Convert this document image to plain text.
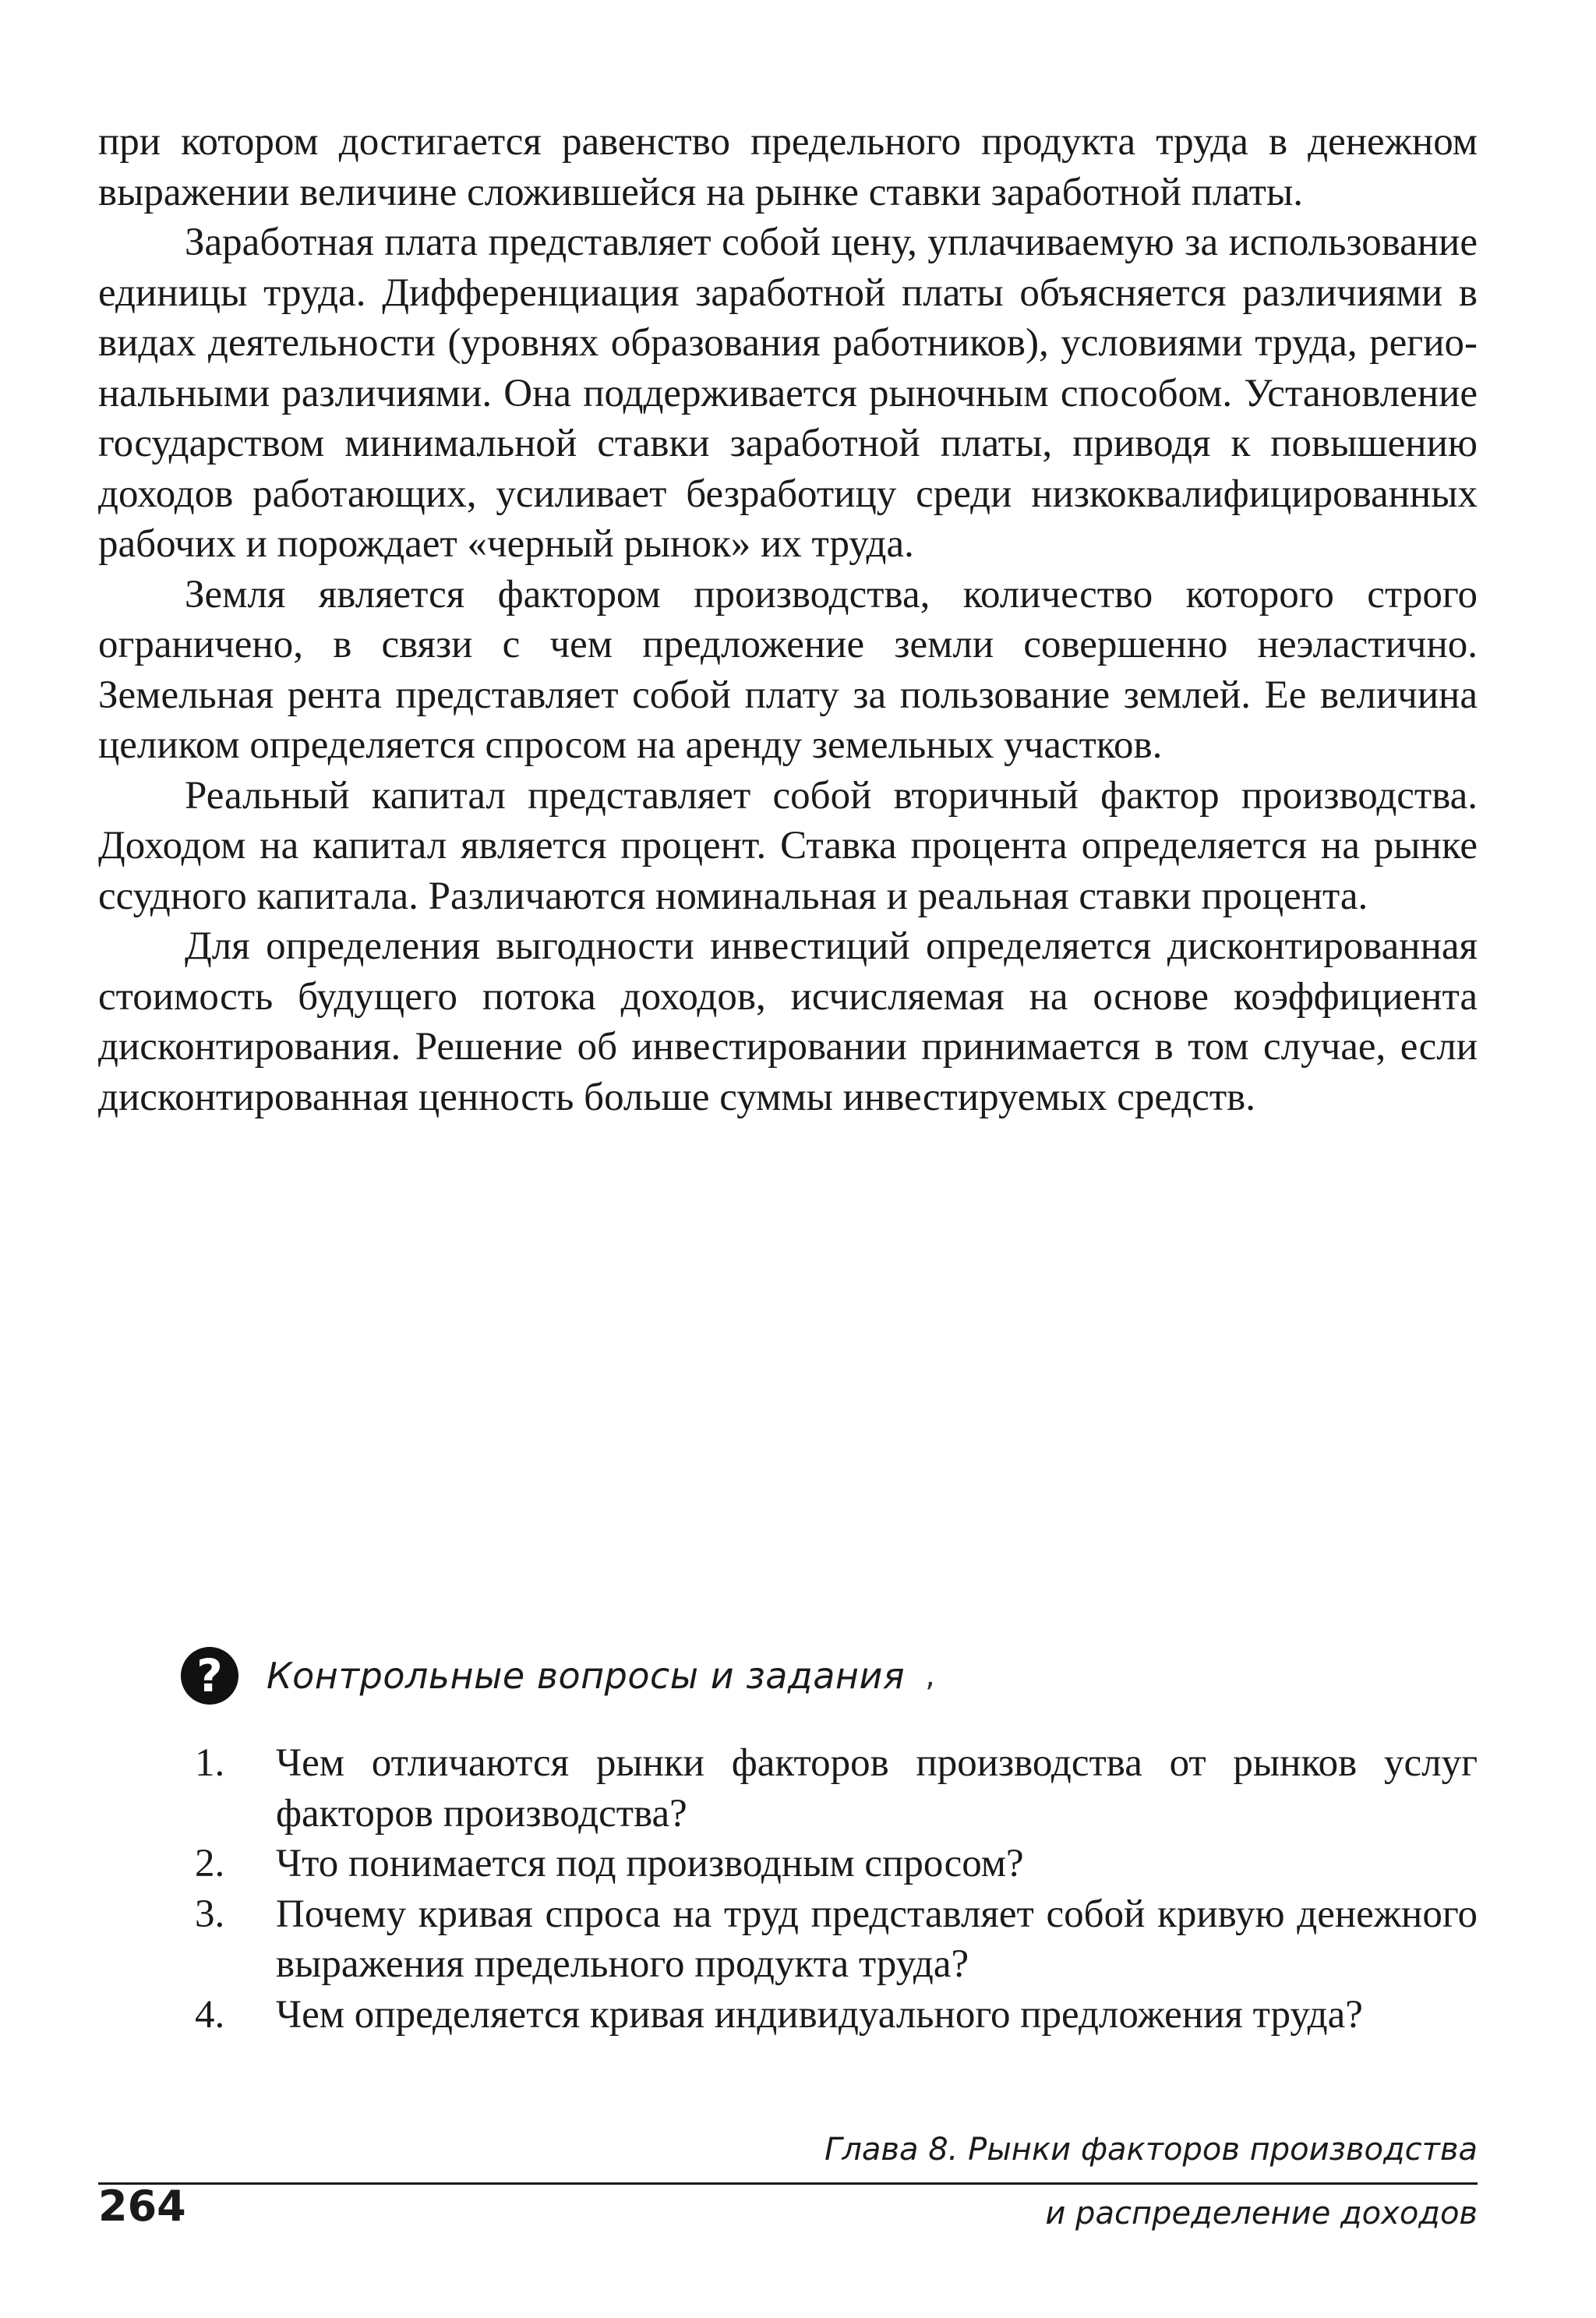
при котором достигается равенство предельного продукта труда в денежном выражении величине сложившейся на рынке ставки заработной платы.

Заработная плата представляет собой цену, уплачиваемую за использование единицы труда. Дифференциация заработной платы объясняется различиями в видах деятельности (уровнях образования работников), условиями труда, региональными различиями. Она поддерживается рыночным способом. Установление государством минимальной ставки заработной платы, приводя к повышению доходов работающих, усиливает безработицу среди низкоквалифицированных рабочих и порождает «черный рынок» их труда.

Земля является фактором производства, количество которого строго ограничено, в связи с чем предложение земли совершенно неэластично. Земельная рента представляет собой плату за пользование землей. Ее величина целиком определяется спросом на аренду земельных участков.

Реальный капитал представляет собой вторичный фактор производства. Доходом на капитал является процент. Ставка процента определяется на рынке ссудного капитала. Различаются номинальная и реальная ставки процента.

Для определения выгодности инвестиций определяется дисконтированная стоимость будущего потока доходов, исчисляемая на основе коэффициента дисконтирования. Решение об инвестировании принимается в том случае, если дисконтированная ценность больше суммы инвестируемых средств.

?	Контрольные вопросы и задания ,
1. Чем отличаются рынки факторов производства от рынков услуг факторов производства?
2. Что понимается под производным спросом?
3. Почему кривая спроса на труд представляет собой кривую денежного выражения предельного продукта труда?
4. Чем определяется кривая индивидуального предложения труда?
Глава 8. Рынки факторов производства
и распределение доходов
264
